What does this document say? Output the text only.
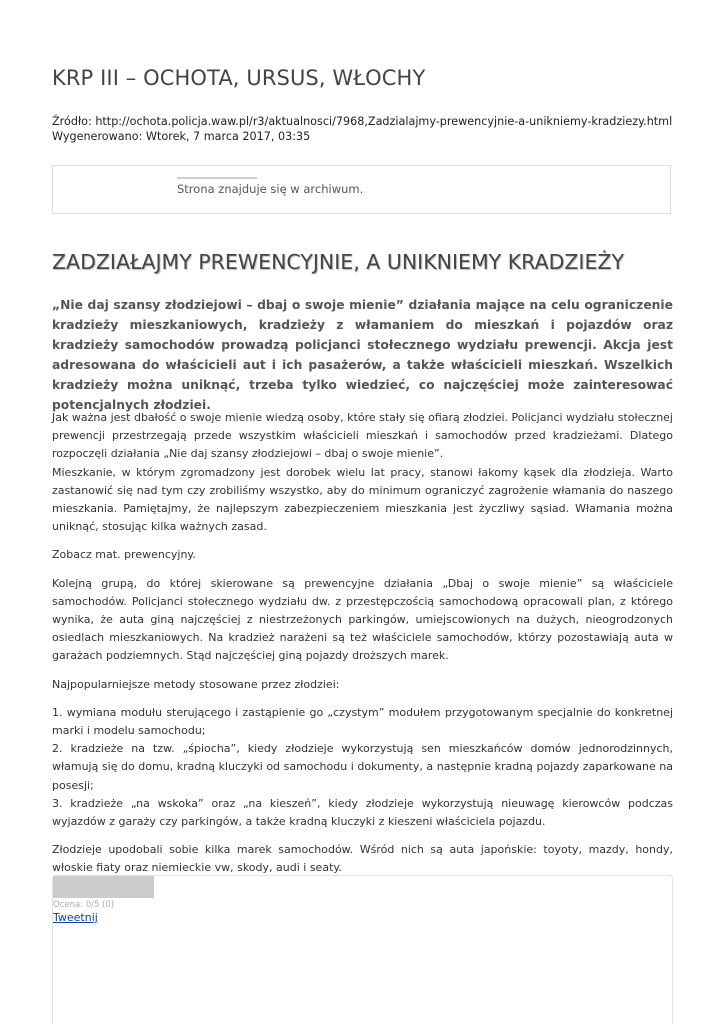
KRP III – OCHOTA, URSUS, WŁOCHY
Źródło: http://ochota.policja.waw.pl/r3/aktualnosci/7968,Zadzialajmy-prewencyjnie-a-unikniemy-kradziezy.html
Wygenerowano: Wtorek, 7 marca 2017, 03:35
Strona znajduje się w archiwum.
ZADZIAŁAJMY PREWENCYJNIE, A UNIKNIEMY KRADZIEŻY

„Nie daj szansy złodziejowi – dbaj o swoje mienie” działania mające na celu ograniczenie kradzieży mieszkaniowych, kradzieży z włamaniem do mieszkań i pojazdów oraz kradzieży samochodów prowadzą policjanci stołecznego wydziału prewencji. Akcja jest adresowana do właścicieli aut i ich pasażerów, a także właścicieli mieszkań. Wszelkich kradzieży można uniknąć, trzeba tylko wiedzieć, co najczęściej może zainteresować potencjalnych złodziei.

Jak ważna jest dbałość o swoje mienie wiedzą osoby, które stały się ofiarą złodziei. Policjanci wydziału stołecznej prewencji przestrzegają przede wszystkim właścicieli mieszkań i samochodów przed kradzieżami. Dlatego rozpoczęli działania „Nie daj szansy złodziejowi – dbaj o swoje mienie”.
Mieszkanie, w którym zgromadzony jest dorobek wielu lat pracy, stanowi łakomy kąsek dla złodzieja. Warto zastanowić się nad tym czy zrobiliśmy wszystko, aby do minimum ograniczyć zagrożenie włamania do naszego mieszkania. Pamiętajmy, że najlepszym zabezpieczeniem mieszkania jest życzliwy sąsiad. Włamania można uniknąć, stosując kilka ważnych zasad.

Zobacz mat. prewencyjny.

Kolejną grupą, do której skierowane są prewencyjne działania „Dbaj o swoje mienie” są właściciele samochodów. Policjanci stołecznego wydziału dw. z przestępczością samochodową opracowali plan, z którego wynika, że auta giną najczęściej z niestrzeżonych parkingów, umiejscowionych na dużych, nieogrodzonych osiedlach mieszkaniowych. Na kradzież narażeni są też właściciele samochodów, którzy pozostawiają auta w garażach podziemnych. Stąd najczęściej giną pojazdy droższych marek.

Najpopularniejsze metody stosowane przez złodziei:

1. wymiana modułu sterującego i zastąpienie go „czystym” modułem przygotowanym specjalnie do konkretnej marki i modelu samochodu;
2. kradzieże na tzw. „śpiocha”, kiedy złodzieje wykorzystują sen mieszkańców domów jednorodzinnych, włamują się do domu, kradną kluczyki od samochodu i dokumenty, a następnie kradną pojazdy zaparkowane na posesji;
3. kradzieże „na wskoka” oraz „na kieszeń”, kiedy złodzieje wykorzystują nieuwagę kierowców podczas wyjazdów z garaży czy parkingów, a także kradną kluczyki z kieszeni właściciela pojazdu.

Złodzieje upodobali sobie kilka marek samochodów. Wśród nich są auta japońskie: toyoty, mazdy, hondy, włoskie fiaty oraz niemieckie vw, skody, audi i seaty.

Ocena: 0/5 (0)
Tweetnij
